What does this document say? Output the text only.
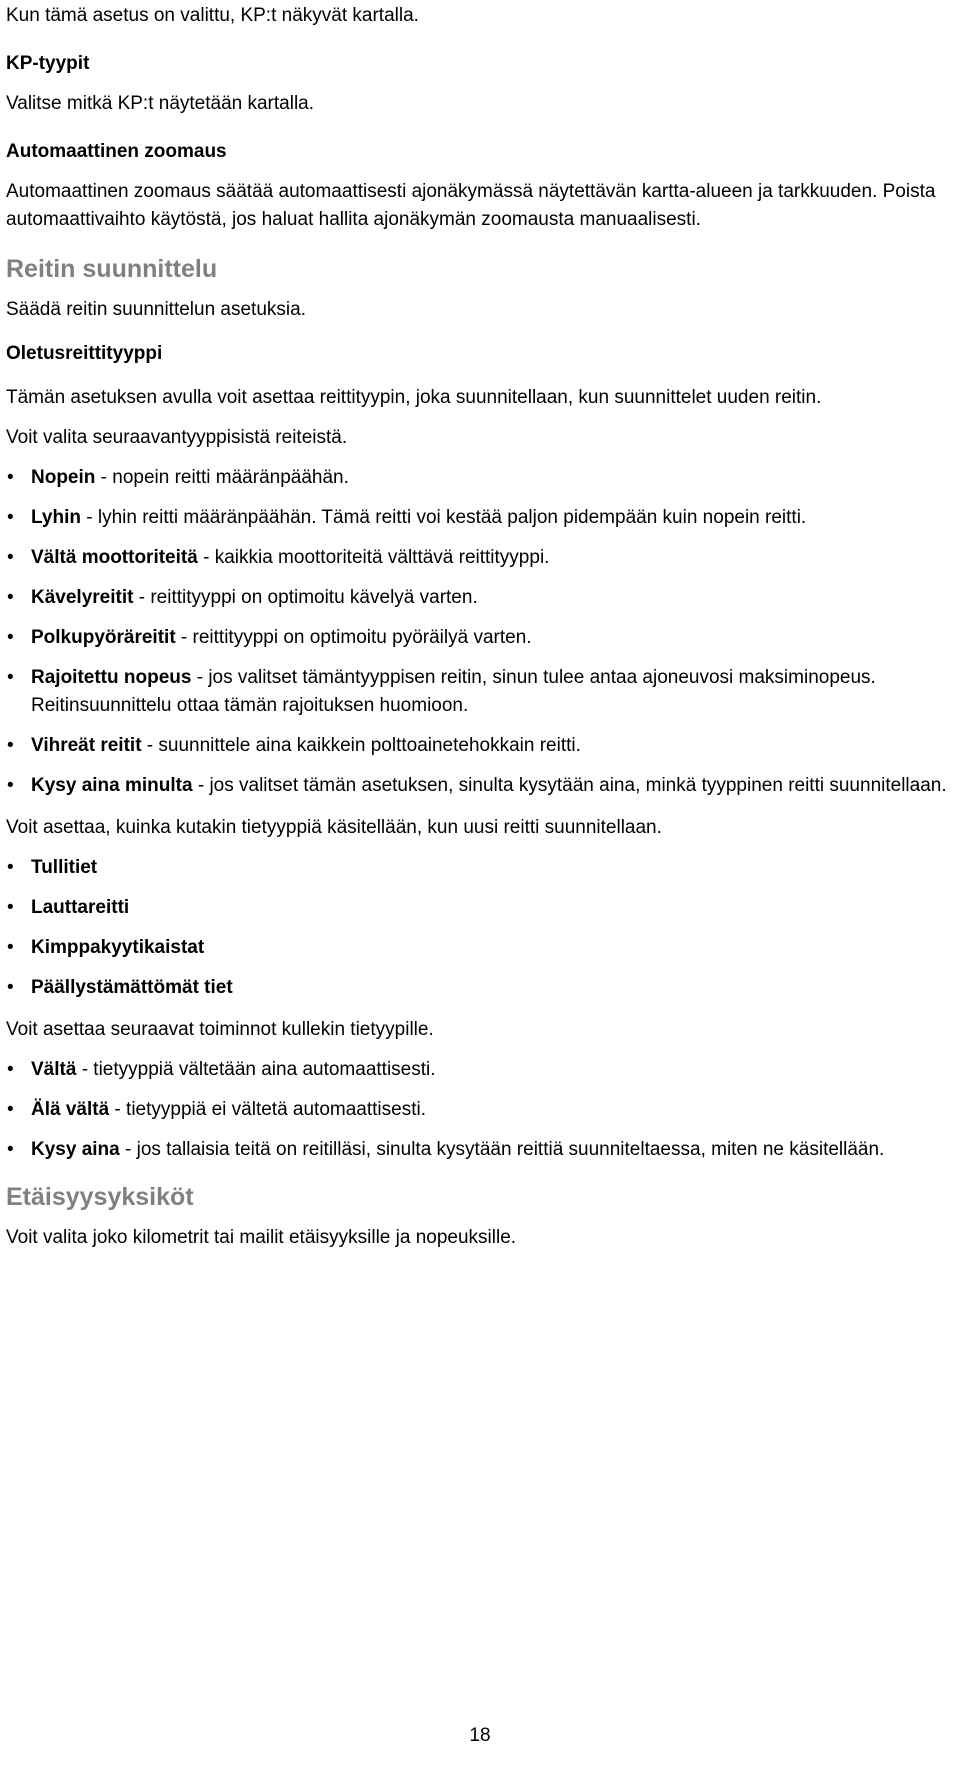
Kun tämä asetus on valittu, KP:t näkyvät kartalla.

KP-tyypit

Valitse mitkä KP:t näytetään kartalla.

Automaattinen zoomaus

Automaattinen zoomaus säätää automaattisesti ajonäkymässä näytettävän kartta-alueen ja tarkkuuden. Poista automaattivaihto käytöstä, jos haluat hallita ajonäkymän zoomausta manuaalisesti.

Reitin suunnittelu

Säädä reitin suunnittelun asetuksia.

Oletusreittityyppi

Tämän asetuksen avulla voit asettaa reittityypin, joka suunnitellaan, kun suunnittelet uuden reitin.

Voit valita seuraavantyyppisistä reiteistä.

• Nopein - nopein reitti määränpäähän.
• Lyhin - lyhin reitti määränpäähän. Tämä reitti voi kestää paljon pidempään kuin nopein reitti.
• Vältä moottoriteitä - kaikkia moottoriteitä välttävä reittityyppi.
• Kävelyreitit - reittityyppi on optimoitu kävelyä varten.
• Polkupyöräreitit - reittityyppi on optimoitu pyöräilyä varten.
• Rajoitettu nopeus - jos valitset tämäntyyppisen reitin, sinun tulee antaa ajoneuvosi maksiminopeus. Reitinsuunnittelu ottaa tämän rajoituksen huomioon.
• Vihreät reitit - suunnittele aina kaikkein polttoainetehokkain reitti.
• Kysy aina minulta - jos valitset tämän asetuksen, sinulta kysytään aina, minkä tyyppinen reitti suunnitellaan.

Voit asettaa, kuinka kutakin tietyyppiä käsitellään, kun uusi reitti suunnitellaan.

• Tullitiet
• Lauttareitti
• Kimppakyytikaistat
• Päällystämättömät tiet

Voit asettaa seuraavat toiminnot kullekin tietyypille.

• Vältä - tietyyppiä vältetään aina automaattisesti.
• Älä vältä - tietyyppiä ei vältetä automaattisesti.
• Kysy aina - jos tallaisia teitä on reitilläsi, sinulta kysytään reittiä suunniteltaessa, miten ne käsitellään.

Etäisyysyksiköt

Voit valita joko kilometrit tai mailit etäisyyksille ja nopeuksille.

18
